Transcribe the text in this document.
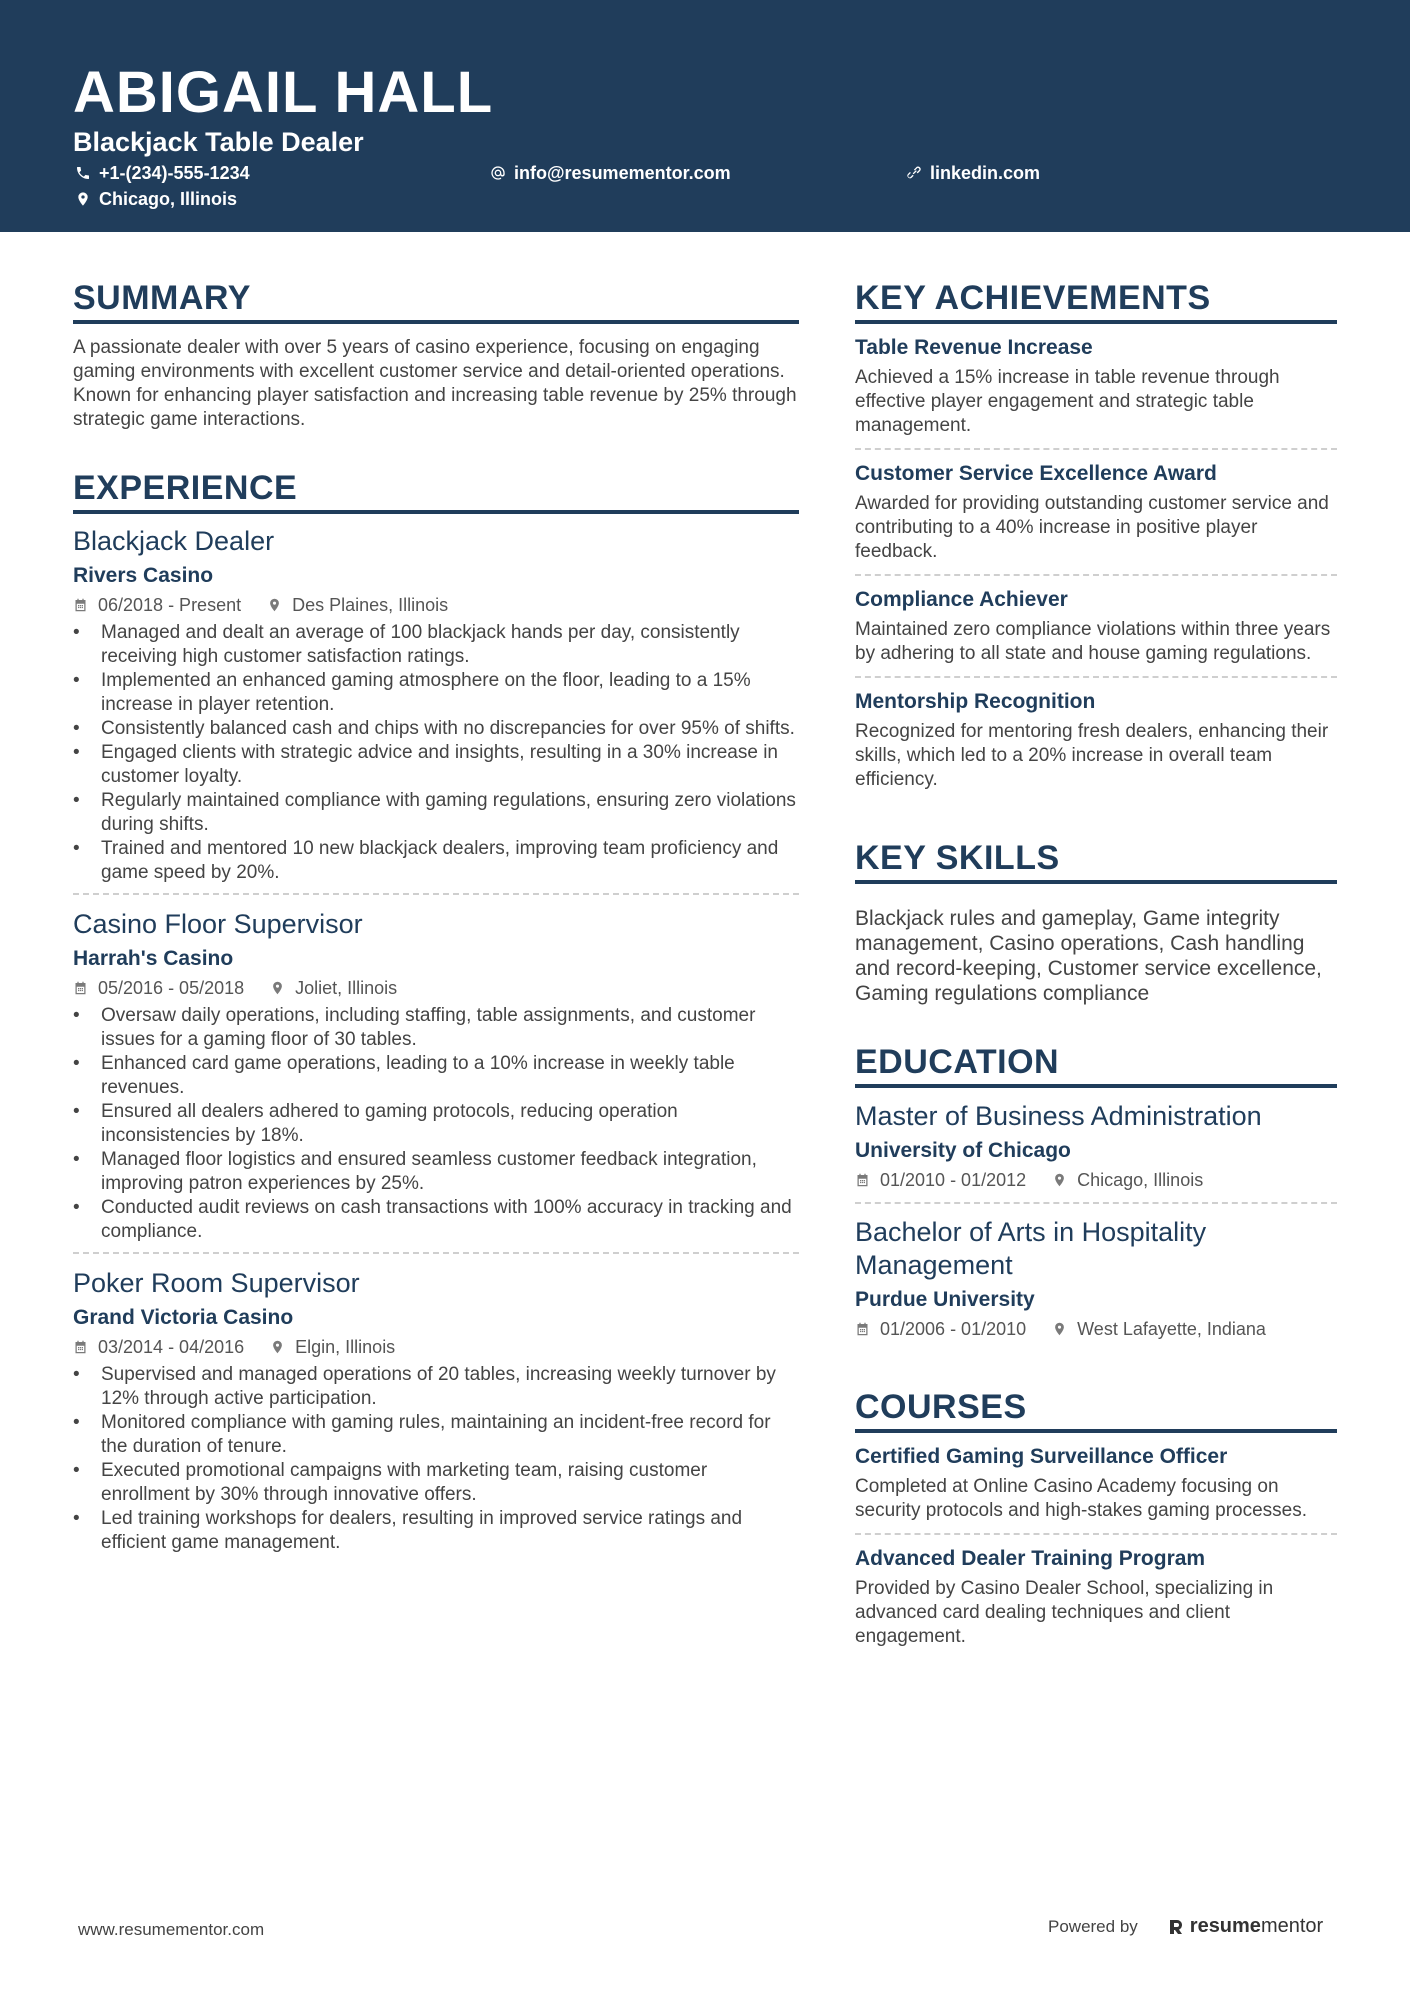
ABIGAIL HALL
Blackjack Table Dealer
+1-(234)-555-1234	info@resumementor.com	linkedin.com
Chicago, Illinois
SUMMARY

A passionate dealer with over 5 years of casino experience, focusing on engaging gaming environments with excellent customer service and detail-oriented operations. Known for enhancing player satisfaction and increasing table revenue by 25% through strategic game interactions.

EXPERIENCE
Blackjack Dealer
Rivers Casino
06/2018 - Present	Des Plaines, Illinois
• Managed and dealt an average of 100 blackjack hands per day, consistently receiving high customer satisfaction ratings.
• Implemented an enhanced gaming atmosphere on the floor, leading to a 15% increase in player retention.
• Consistently balanced cash and chips with no discrepancies for over 95% of shifts.
• Engaged clients with strategic advice and insights, resulting in a 30% increase in customer loyalty.
• Regularly maintained compliance with gaming regulations, ensuring zero violations during shifts.
• Trained and mentored 10 new blackjack dealers, improving team proficiency and game speed by 20%.
Casino Floor Supervisor
Harrah's Casino
05/2016 - 05/2018	Joliet, Illinois
• Oversaw daily operations, including staffing, table assignments, and customer issues for a gaming floor of 30 tables.
• Enhanced card game operations, leading to a 10% increase in weekly table revenues.
• Ensured all dealers adhered to gaming protocols, reducing operation inconsistencies by 18%.
• Managed floor logistics and ensured seamless customer feedback integration, improving patron experiences by 25%.
• Conducted audit reviews on cash transactions with 100% accuracy in tracking and compliance.
Poker Room Supervisor
Grand Victoria Casino
03/2014 - 04/2016	Elgin, Illinois
• Supervised and managed operations of 20 tables, increasing weekly turnover by 12% through active participation.
• Monitored compliance with gaming rules, maintaining an incident-free record for the duration of tenure.
• Executed promotional campaigns with marketing team, raising customer enrollment by 30% through innovative offers.
• Led training workshops for dealers, resulting in improved service ratings and efficient game management.
KEY ACHIEVEMENTS
Table Revenue Increase
Achieved a 15% increase in table revenue through effective player engagement and strategic table management.
Customer Service Excellence Award
Awarded for providing outstanding customer service and contributing to a 40% increase in positive player feedback.
Compliance Achiever
Maintained zero compliance violations within three years by adhering to all state and house gaming regulations.
Mentorship Recognition
Recognized for mentoring fresh dealers, enhancing their skills, which led to a 20% increase in overall team efficiency.
KEY SKILLS
Blackjack rules and gameplay, Game integrity management, Casino operations, Cash handling and record-keeping, Customer service excellence, Gaming regulations compliance
EDUCATION
Master of Business Administration
University of Chicago
01/2010 - 01/2012	Chicago, Illinois
Bachelor of Arts in Hospitality Management
Purdue University
01/2006 - 01/2010	West Lafayette, Indiana
COURSES
Certified Gaming Surveillance Officer
Completed at Online Casino Academy focusing on security protocols and high-stakes gaming processes.
Advanced Dealer Training Program
Provided by Casino Dealer School, specializing in advanced card dealing techniques and client engagement.
www.resumementor.com	Powered by	resume mentor
